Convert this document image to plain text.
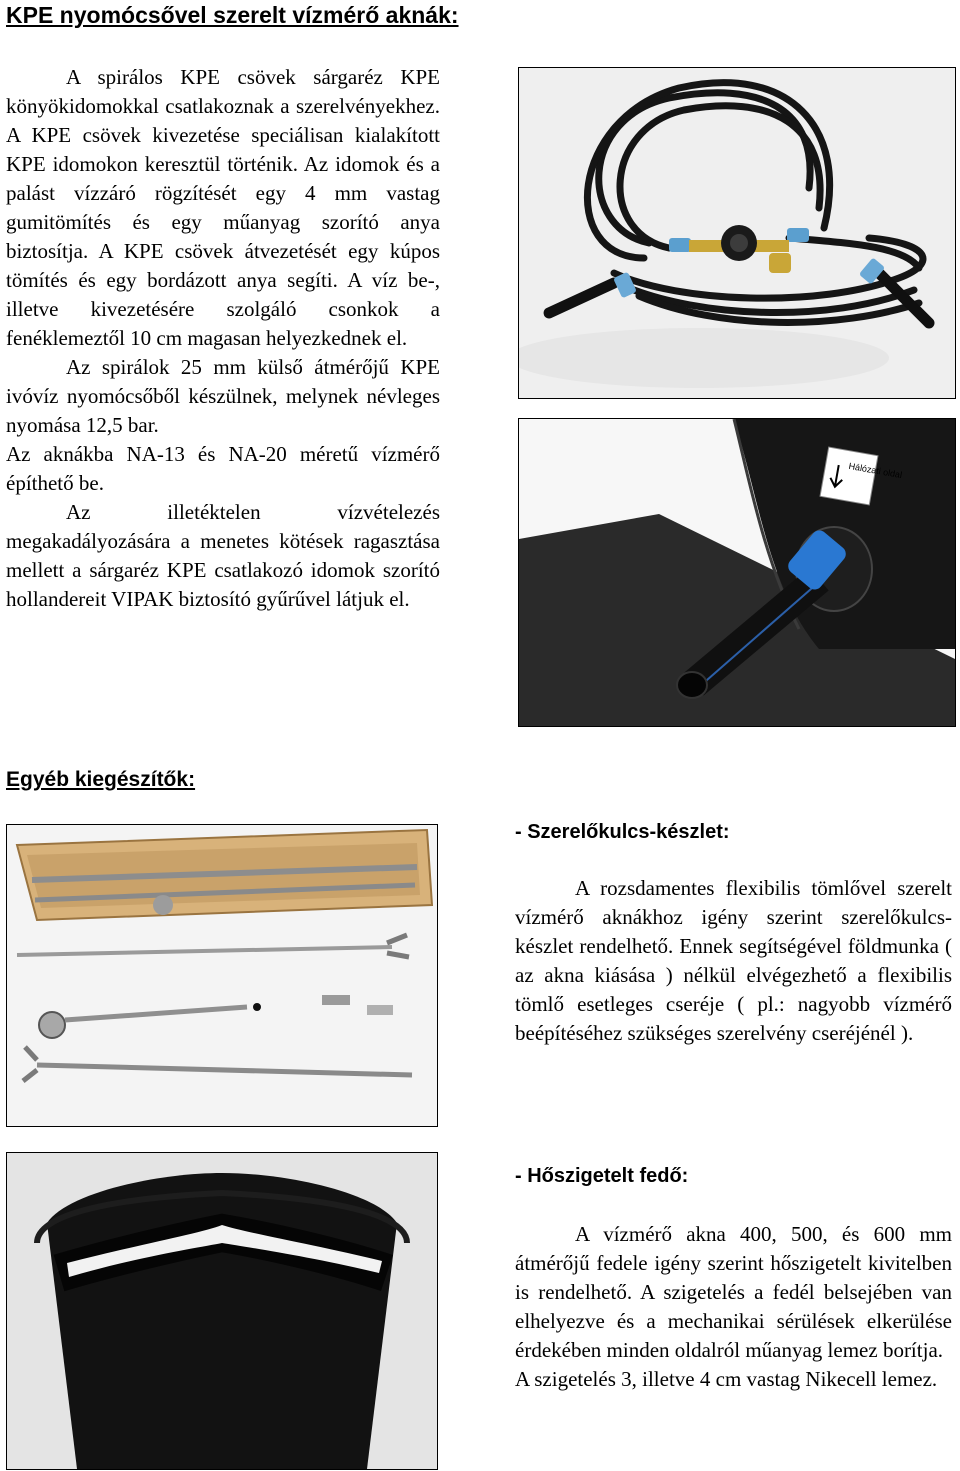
KPE nyomócsővel szerelt vízmérő aknák:

A spirálos KPE csövek sárgaréz KPE könyökidomokkal csatlakoznak a szerelvényekhez. A KPE csövek kivezetése speciálisan kialakított KPE idomokon keresztül történik. Az idomok és a palást vízzáró rögzítését egy 4 mm vastag gumitömítés és egy műanyag szorító anya biztosítja. A KPE csövek átvezetését egy kúpos tömítés és egy bordázott anya segíti. A víz be-, illetve kivezetésére szolgáló csonkok a fenéklemeztől 10 cm magasan helyezkednek el.

Az spirálok 25 mm külső átmérőjű KPE ivóvíz nyomócsőből készülnek, melynek névleges nyomása 12,5 bar.

Az aknákba NA-13 és NA-20 méretű vízmérő építhető be.

Az illetéktelen vízvételezés megakadályozására a menetes kötések ragasztása mellett a sárgaréz KPE csatlakozó idomok szorító hollandereit VIPAK biztosító gyűrűvel látjuk el.

Hálózati oldal
Egyéb kiegészítők:
- Szerelőkulcs-készlet:

A rozsdamentes flexibilis tömlővel szerelt vízmérő aknákhoz igény szerint szerelőkulcs-készlet rendelhető. Ennek segítségével földmunka ( az akna kiásása ) nélkül elvégezhető a flexibilis tömlő esetleges cseréje ( pl.: nagyobb vízmérő beépítéséhez szükséges szerelvény cseréjénél ).

- Hőszigetelt fedő:

A vízmérő akna 400, 500, és 600 mm átmérőjű fedele igény szerint hőszigetelt kivitelben is rendelhető. A szigetelés a fedél belsejében van elhelyezve és a mechanikai sérülések elkerülése érdekében minden oldalról műanyag lemez borítja.

A szigetelés 3, illetve 4 cm vastag Nikecell lemez.
